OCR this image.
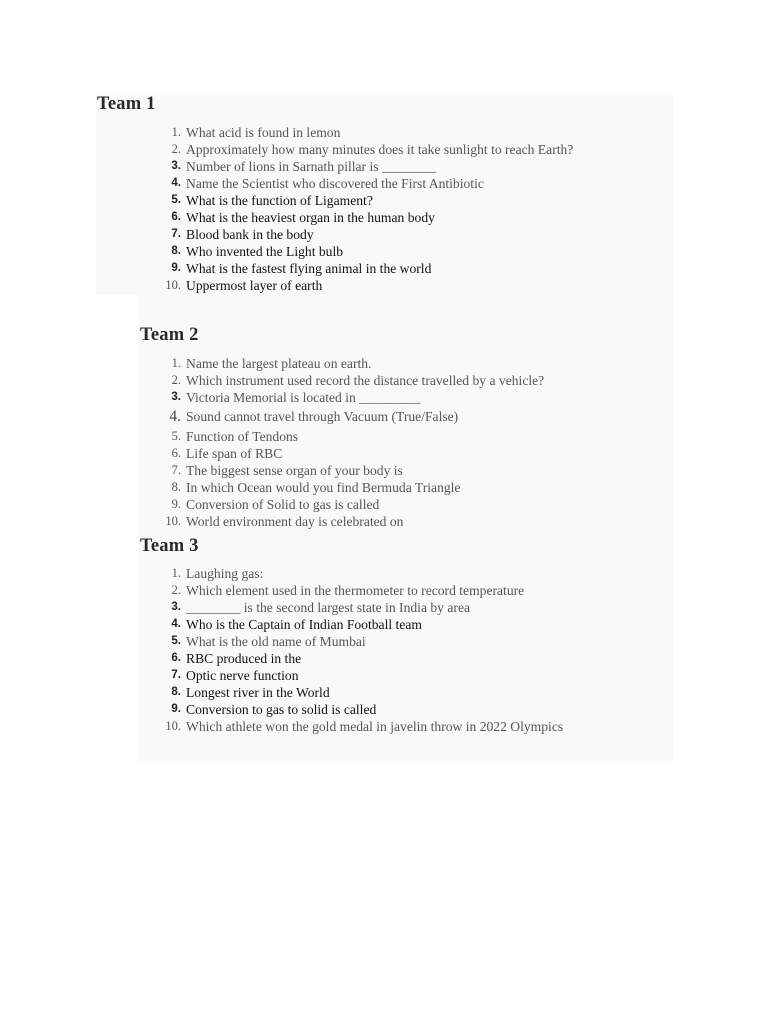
Team 1
1. What acid is found in lemon
2. Approximately how many minutes does it take sunlight to reach Earth?
3. Number of lions in Sarnath pillar is ________
4. Name the Scientist who discovered the First Antibiotic
5. What is the function of Ligament?
6. What is the heaviest organ in the human body
7. Blood bank in the body
8. Who invented the Light bulb
9. What is the fastest flying animal in the world
10. Uppermost layer of earth
Team 2
1. Name the largest plateau on earth.
2. Which instrument used record the distance travelled by a vehicle?
3. Victoria Memorial is located in _________
4. Sound cannot travel through Vacuum (True/False)
5. Function of Tendons
6. Life span of RBC
7. The biggest sense organ of your body is
8. In which Ocean would you find Bermuda Triangle
9. Conversion of Solid to gas is called
10. World environment day is celebrated on
Team 3
1. Laughing gas:
2. Which element used in the thermometer to record temperature
3. ________ is the second largest state in India by area
4. Who is the Captain of Indian Football team
5. What is the old name of Mumbai
6. RBC produced in the
7. Optic nerve function
8. Longest river in the World
9. Conversion to gas to solid is called
10. Which athlete won the gold medal in javelin throw in 2022 Olympics
